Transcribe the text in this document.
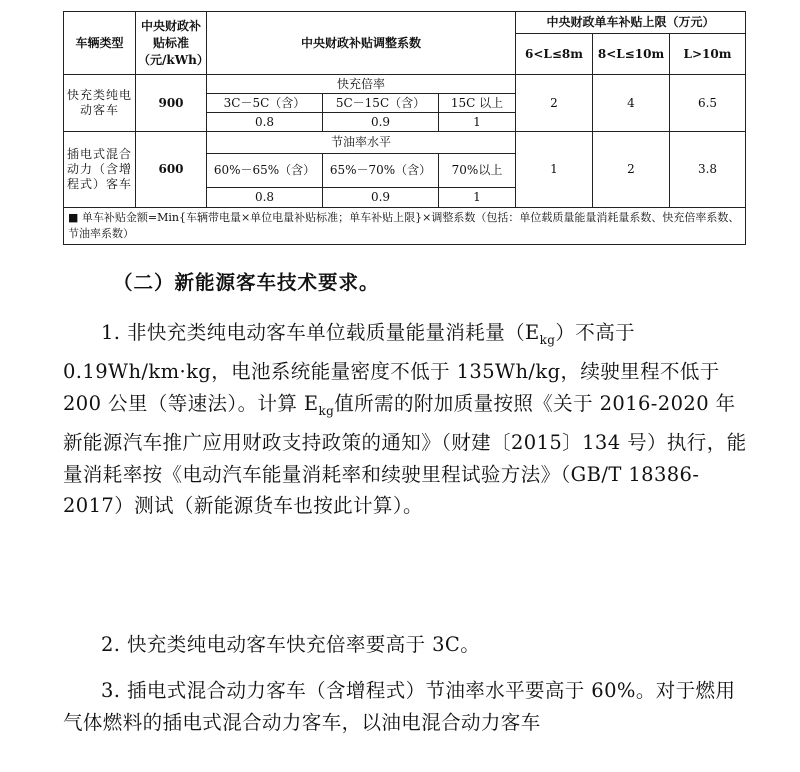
车辆类型	中央财政补贴标准（元/kWh）	中央财政补贴调整系数			中央财政单车补贴上限（万元）		
					6<L≤8m	8<L≤10m	L>10m
快充类纯电动客车	900	快充倍率			2	4	6.5
		3C－5C（含）	5C－15C（含）	15C 以上			
		0.8	0.9	1			
插电式混合动力（含增程式）客车	600	节油率水平			1	2	3.8
		60%－65%（含）	65%－70%（含）	70%以上			
		0.8	0.9	1			
■ 单车补贴金额=Min{车辆带电量×单位电量补贴标准；单车补贴上限}×调整系数（包括：单位载质量能量消耗量系数、快充倍率系数、节油率系数）							

（二）新能源客车技术要求。

1. 非快充类纯电动客车单位载质量能量消耗量$(E_{kg})$不高于 0.19Wh/km·kg，电池系统能量密度不低于 135Wh/kg，续驶里程不低于 200 公里（等速法）。计算 $E_{kg}$值所需的附加质量按照《关于 2016-2020 年新能源汽车推广应用财政支持政策的通知》（财建〔2015〕134 号）执行，能量消耗率按《电动汽车能量消耗率和续驶里程试验方法》（GB/T 18386-2017）测试（新能源货车也按此计算）。

2. 快充类纯电动客车快充倍率要高于 3C。

3. 插电式混合动力客车（含增程式）节油率水平要高于 60%。对于燃用气体燃料的插电式混合动力客车，以油电混合动力客车
